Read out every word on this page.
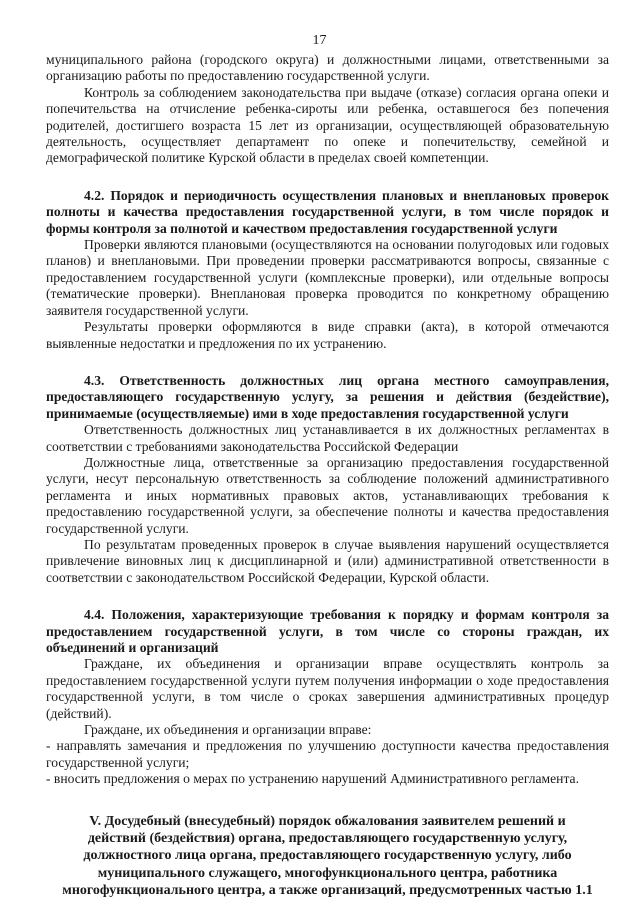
17

муниципального района (городского округа) и должностными лицами, ответственными за организацию работы по предоставлению государственной услуги.

Контроль за соблюдением законодательства при выдаче (отказе) согласия органа опеки и попечительства на отчисление ребенка-сироты или ребенка, оставшегося без попечения родителей, достигшего возраста 15 лет из организации, осуществляющей образовательную деятельность, осуществляет департамент по опеке и попечительству, семейной и демографической политике Курской области в пределах своей компетенции.

4.2. Порядок и периодичность осуществления плановых и внеплановых проверок полноты и качества предоставления государственной услуги, в том числе порядок и формы контроля за полнотой и качеством предоставления государственной услуги

Проверки являются плановыми (осуществляются на основании полугодовых или годовых планов) и внеплановыми. При проведении проверки рассматриваются вопросы, связанные с предоставлением государственной услуги (комплексные проверки), или отдельные вопросы (тематические проверки). Внеплановая проверка проводится по конкретному обращению заявителя государственной услуги.

Результаты проверки оформляются в виде справки (акта), в которой отмечаются выявленные недостатки и предложения по их устранению.

4.3. Ответственность должностных лиц органа местного самоуправления, предоставляющего государственную услугу, за решения и действия (бездействие), принимаемые (осуществляемые) ими в ходе предоставления государственной услуги

Ответственность должностных лиц устанавливается в их должностных регламентах в соответствии с требованиями законодательства Российской Федерации

Должностные лица, ответственные за организацию предоставления государственной услуги, несут персональную ответственность за соблюдение положений административного регламента и иных нормативных правовых актов, устанавливающих требования к предоставлению государственной услуги, за обеспечение полноты и качества предоставления государственной услуги.

По результатам проведенных проверок в случае выявления нарушений осуществляется привлечение виновных лиц к дисциплинарной и (или) административной ответственности в соответствии с законодательством Российской Федерации, Курской области.

4.4. Положения, характеризующие требования к порядку и формам контроля за предоставлением государственной услуги, в том числе со стороны граждан, их объединений и организаций

Граждане, их объединения и организации вправе осуществлять контроль за предоставлением государственной услуги путем получения информации о ходе предоставления государственной услуги, в том числе о сроках завершения административных процедур (действий).

Граждане, их объединения и организации вправе:

- направлять замечания и предложения по улучшению доступности качества предоставления государственной услуги;

- вносить предложения о мерах по устранению нарушений Административного регламента.

V. Досудебный (внесудебный) порядок обжалования заявителем решений и действий (бездействия) органа, предоставляющего государственную услугу, должностного лица органа, предоставляющего государственную услугу, либо муниципального служащего, многофункционального центра, работника многофункционального центра, а также организаций, предусмотренных частью 1.1
